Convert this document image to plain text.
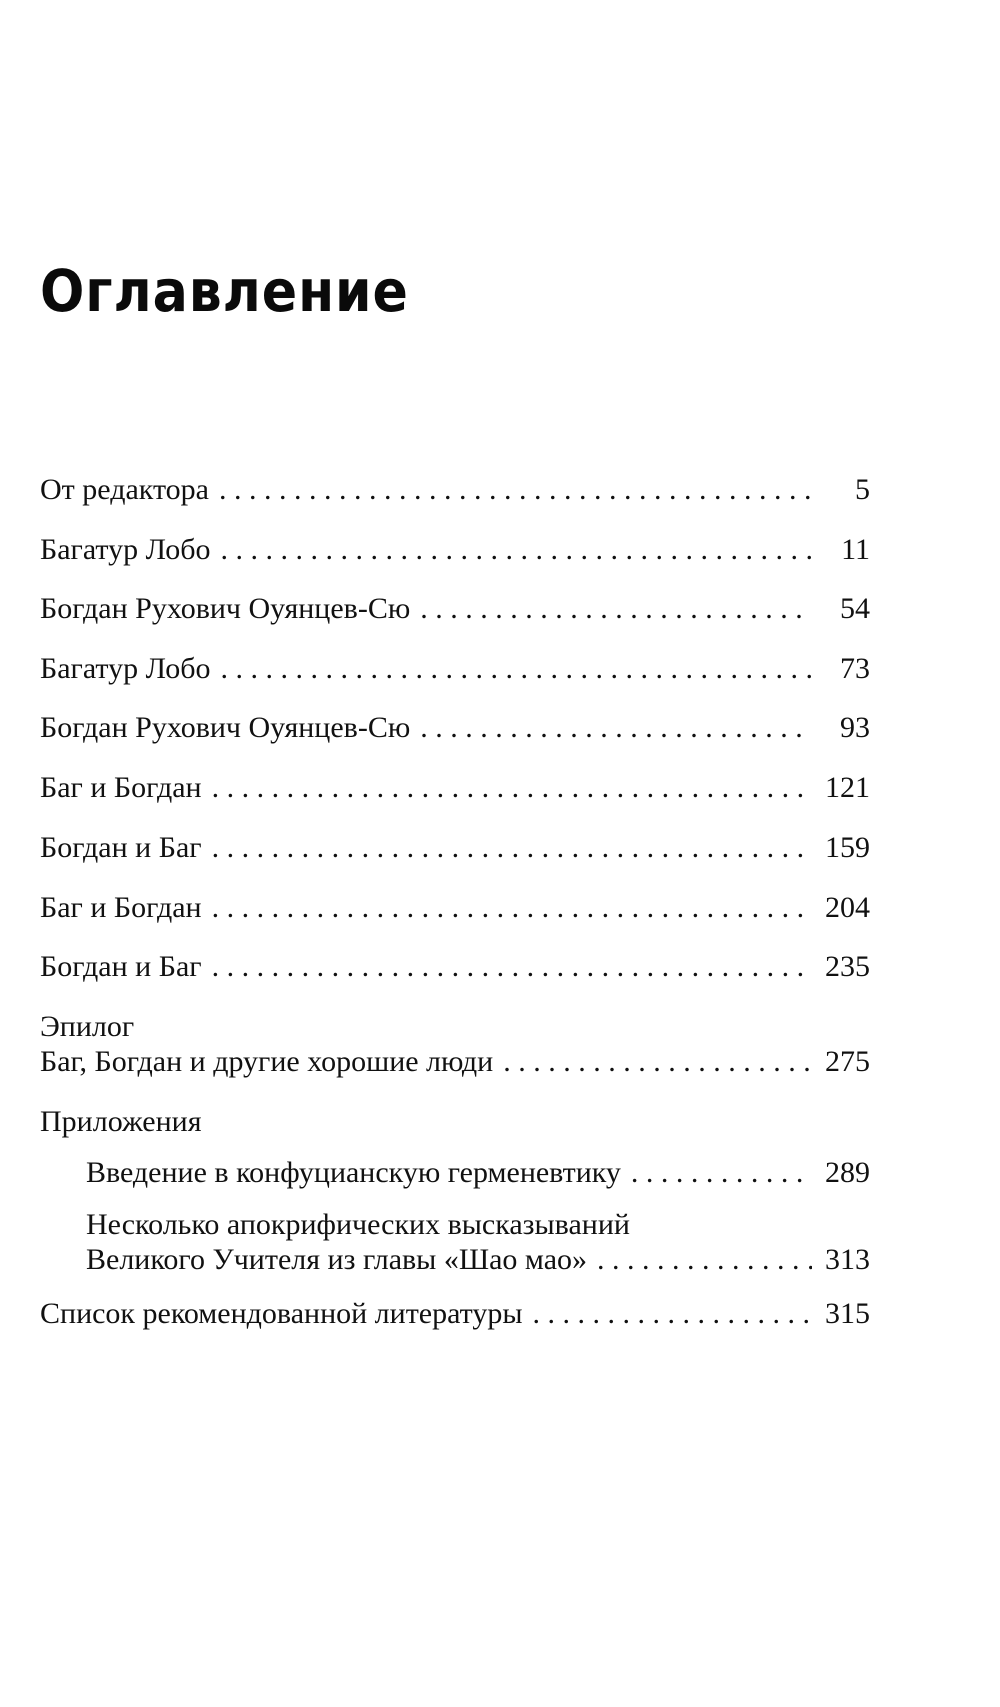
Оглавление
От редактора . . .	5
Багатур Лобо . . .	11
Богдан Рухович Оуянцев-Сю . . .	54
Багатур Лобо . . .	73
Богдан Рухович Оуянцев-Сю . . .	93
Баг и Богдан . . .	121
Богдан и Баг . . .	159
Баг и Богдан . . .	204
Богдан и Баг . . .	235
Эпилог
Баг, Богдан и другие хорошие люди . . .	275
Приложения
Введение в конфуцианскую герменевтику . . .	289
Несколько апокрифических высказываний
Великого Учителя из главы «Шао мао» . . .	313
Список рекомендованной литературы . . .	315
